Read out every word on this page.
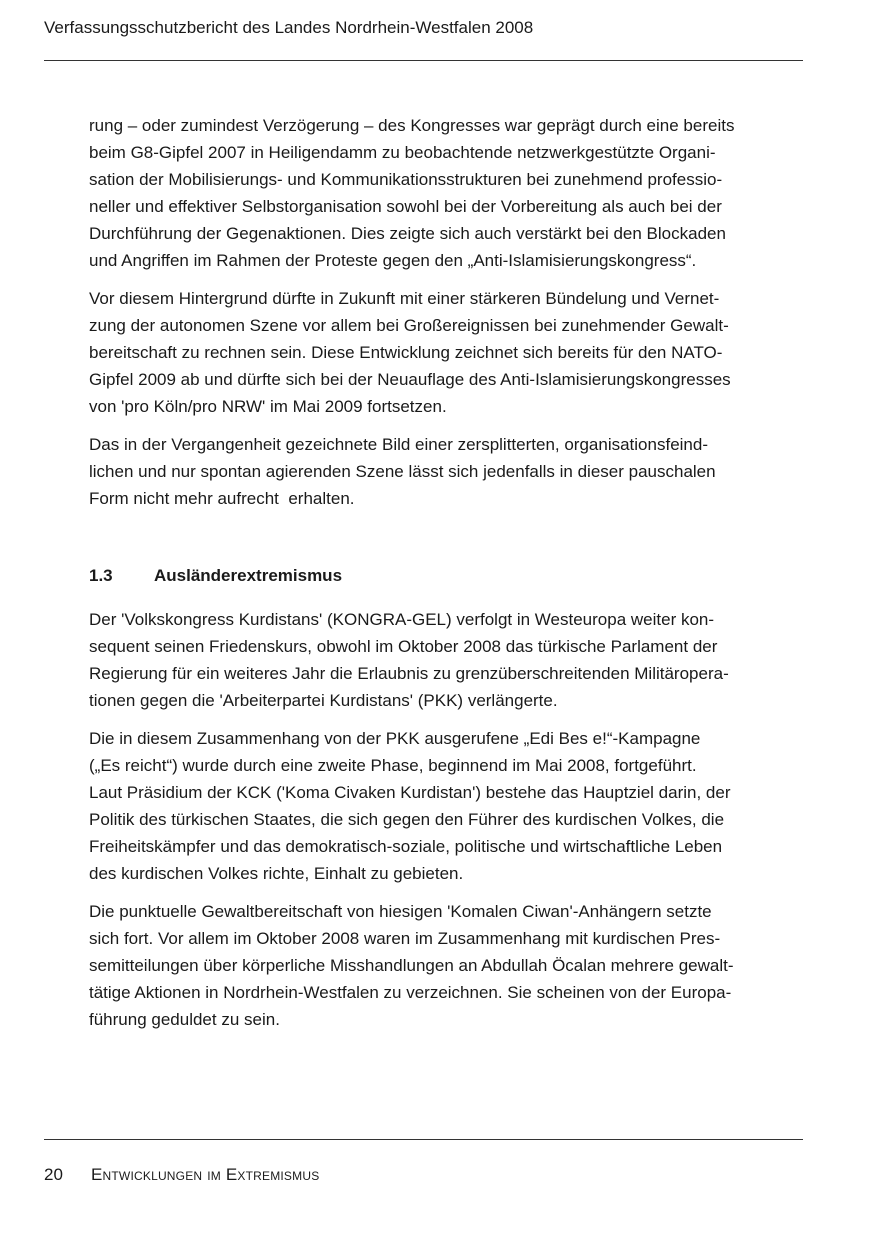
Verfassungsschutzbericht des Landes Nordrhein-Westfalen 2008

rung – oder zumindest Verzögerung – des Kongresses war geprägt durch eine bereits
beim G8-Gipfel 2007 in Heiligendamm zu beobachtende netzwerkgestützte Organi-
sation der Mobilisierungs- und Kommunikationsstrukturen bei zunehmend professio-
neller und effektiver Selbstorganisation sowohl bei der Vorbereitung als auch bei der
Durchführung der Gegenaktionen. Dies zeigte sich auch verstärkt bei den Blockaden
und Angriffen im Rahmen der Proteste gegen den „Anti-Islamisierungskongress“.

Vor diesem Hintergrund dürfte in Zukunft mit einer stärkeren Bündelung und Vernet-
zung der autonomen Szene vor allem bei Großereignissen bei zunehmender Gewalt-
bereitschaft zu rechnen sein. Diese Entwicklung zeichnet sich bereits für den NATO-
Gipfel 2009 ab und dürfte sich bei der Neuauflage des Anti-Islamisierungskongresses
von 'pro Köln/pro NRW' im Mai 2009 fortsetzen.

Das in der Vergangenheit gezeichnete Bild einer zersplitterten, organisationsfeind-
lichen und nur spontan agierenden Szene lässt sich jedenfalls in dieser pauschalen
Form nicht mehr aufrecht  erhalten.

1.3 Ausländerextremismus

Der 'Volkskongress Kurdistans' (KONGRA-GEL) verfolgt in Westeuropa weiter kon-
sequent seinen Friedenskurs, obwohl im Oktober 2008 das türkische Parlament der
Regierung für ein weiteres Jahr die Erlaubnis zu grenzüberschreitenden Militäropera-
tionen gegen die 'Arbeiterpartei Kurdistans' (PKK) verlängerte.

Die in diesem Zusammenhang von der PKK ausgerufene „Edi Bes e!“-Kampagne
(„Es reicht“) wurde durch eine zweite Phase, beginnend im Mai 2008, fortgeführt.
Laut Präsidium der KCK ('Koma Civaken Kurdistan') bestehe das Hauptziel darin, der
Politik des türkischen Staates, die sich gegen den Führer des kurdischen Volkes, die
Freiheitskämpfer und das demokratisch-soziale, politische und wirtschaftliche Leben
des kurdischen Volkes richte, Einhalt zu gebieten.

Die punktuelle Gewaltbereitschaft von hiesigen 'Komalen Ciwan'-Anhängern setzte
sich fort. Vor allem im Oktober 2008 waren im Zusammenhang mit kurdischen Pres-
semitteilungen über körperliche Misshandlungen an Abdullah Öcalan mehrere gewalt-
tätige Aktionen in Nordrhein-Westfalen zu verzeichnen. Sie scheinen von der Europa-
führung geduldet zu sein.

20 Entwicklungen im Extremismus
